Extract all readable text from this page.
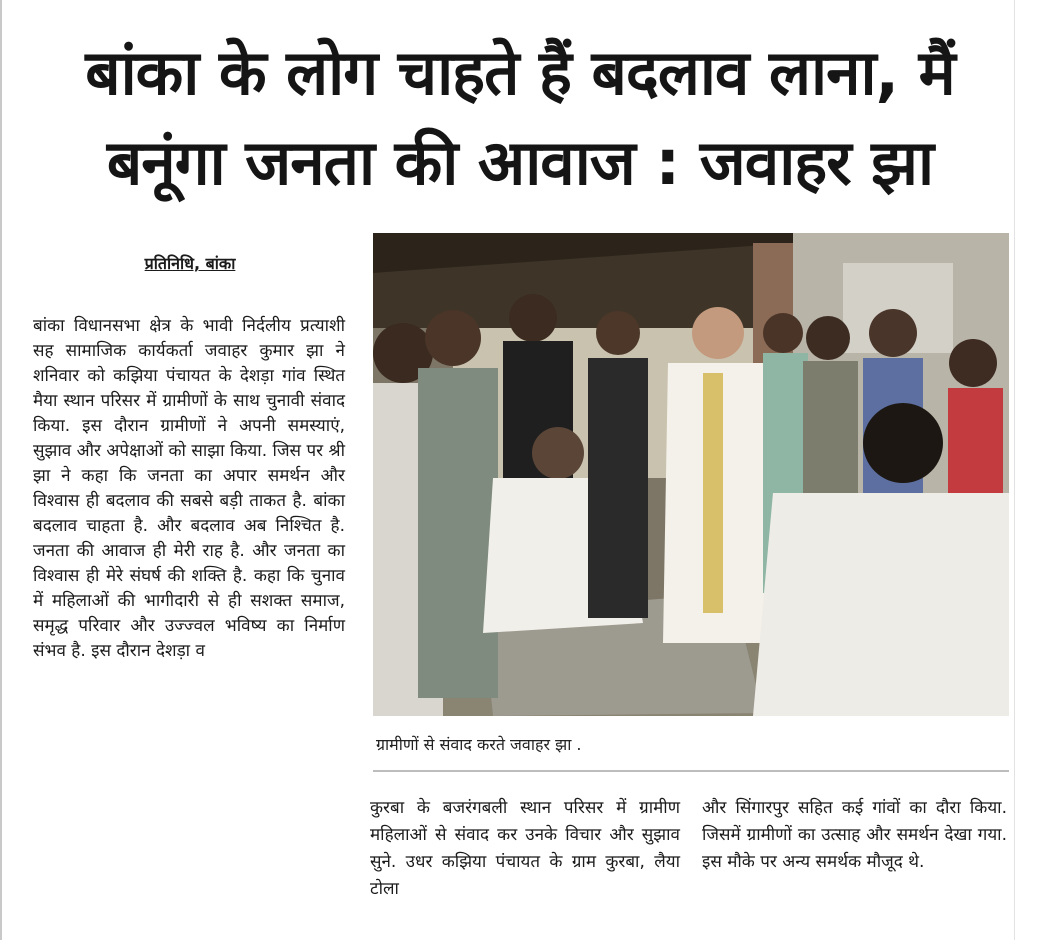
बांका के लोग चाहते हैं बदलाव लाना, मैं
बनूंगा जनता की आवाज : जवाहर झा
प्रतिनिधि, बांका

बांका विधानसभा क्षेत्र के भावी निर्दलीय प्रत्याशी सह सामाजिक कार्यकर्ता जवाहर कुमार झा ने शनिवार को कझिया पंचायत के देशड़ा गांव स्थित मैया स्थान परिसर में ग्रामीणों के साथ चुनावी संवाद किया. इस दौरान ग्रामीणों ने अपनी समस्याएं, सुझाव और अपेक्षाओं को साझा किया. जिस पर श्री झा ने कहा कि जनता का अपार समर्थन और विश्वास ही बदलाव की सबसे बड़ी ताकत है. बांका बदलाव चाहता है. और बदलाव अब निश्चित है. जनता की आवाज ही मेरी राह है. और जनता का विश्वास ही मेरे संघर्ष की शक्ति है. कहा कि चुनाव में महिलाओं की भागीदारी से ही सशक्त समाज, समृद्ध परिवार और उज्ज्वल भविष्य का निर्माण संभव है. इस दौरान देशड़ा व

ग्रामीणों से संवाद करते जवाहर झा .

कुरबा के बजरंगबली स्थान परिसर में ग्रामीण महिलाओं से संवाद कर उनके विचार और सुझाव सुने. उधर कझिया पंचायत के ग्राम कुरबा, लैया टोला

और सिंगारपुर सहित कई गांवों का दौरा किया. जिसमें ग्रामीणों का उत्साह और समर्थन देखा गया. इस मौके पर अन्य समर्थक मौजूद थे.
